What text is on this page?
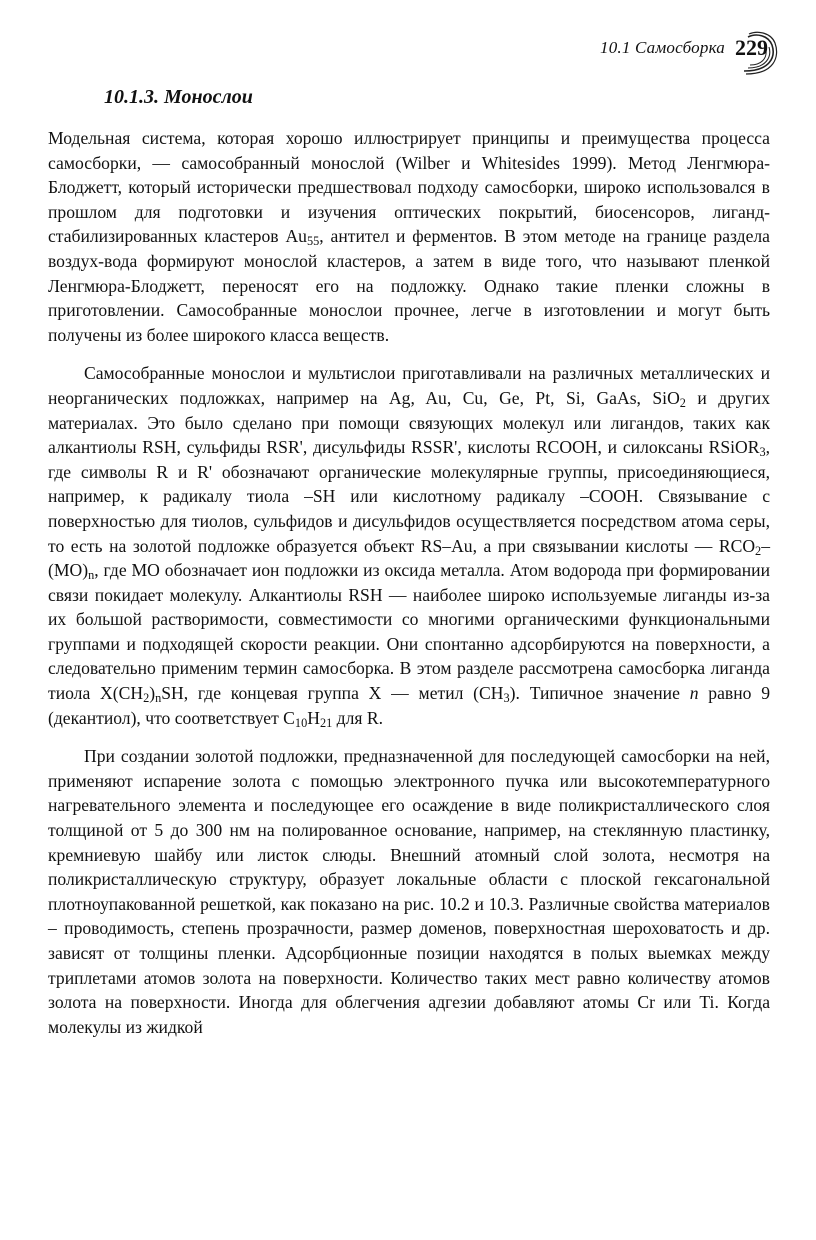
10.1 Самосборка 229
10.1.3. Монослои

Модельная система, которая хорошо иллюстрирует принципы и преимущества процесса самосборки, — самособранный монослой (Wilber и Whitesides 1999). Метод Ленгмюра-Блоджетт, который исторически предшествовал подходу самосборки, широко использовался в прошлом для подготовки и изучения оптических покрытий, биосенсоров, лиганд-стабилизированных кластеров $Au_{55}$, антител и ферментов. В этом методе на границе раздела воздух-вода формируют монослой кластеров, а затем в виде того, что называют пленкой Ленгмюра-Блоджетт, переносят его на подложку. Однако такие пленки сложны в приготовлении. Самособранные монослои прочнее, легче в изготовлении и могут быть получены из более широкого класса веществ.

Самособранные монослои и мультислои приготавливали на различных металлических и неорганических подложках, например на Ag, Au, Cu, Ge, Pt, Si, GaAs, SiO$_2$ и других материалах. Это было сделано при помощи связующих молекул или лигандов, таких как алкантиолы RSH, сульфиды RSR', дисульфиды RSSR', кислоты RCOOH, и силоксаны RSiOR$_3$, где символы R и R' обозначают органические молекулярные группы, присоединяющиеся, например, к радикалу тиола –SH или кислотному радикалу –COOH. Связывание с поверхностью для тиолов, сульфидов и дисульфидов осуществляется посредством атома серы, то есть на золотой подложке образуется объект RS–Au, а при связывании кислоты — $RCO_2-(MO)_n$, где MO обозначает ион подложки из оксида металла. Атом водорода при формировании связи покидает молекулу. Алкантиолы RSH — наиболее широко используемые лиганды из-за их большой растворимости, совместимости со многими органическими функциональными группами и подходящей скорости реакции. Они спонтанно адсорбируются на поверхности, а следовательно применим термин самосборка. В этом разделе рассмотрена самосборка лиганда тиола $X(CH_2)_nSH$, где концевая группа X — метил $(CH_3)$. Типичное значение n равно 9 (декантиол), что соответствует $C_{10}H_{21}$ для R.

При создании золотой подложки, предназначенной для последующей самосборки на ней, применяют испарение золота с помощью электронного пучка или высокотемпературного нагревательного элемента и последующее его осаждение в виде поликристаллического слоя толщиной от 5 до 300 нм на полированное основание, например, на стеклянную пластинку, кремниевую шайбу или листок слюды. Внешний атомный слой золота, несмотря на поликристаллическую структуру, образует локальные области с плоской гексагональной плотноупакованной решеткой, как показано на рис. 10.2 и 10.3. Различные свойства материалов – проводимость, степень прозрачности, размер доменов, поверхностная шероховатость и др. зависят от толщины пленки. Адсорбционные позиции находятся в полых выемках между триплетами атомов золота на поверхности. Количество таких мест равно количеству атомов золота на поверхности. Иногда для облегчения адгезии добавляют атомы Cr или Ti. Когда молекулы из жидкой
